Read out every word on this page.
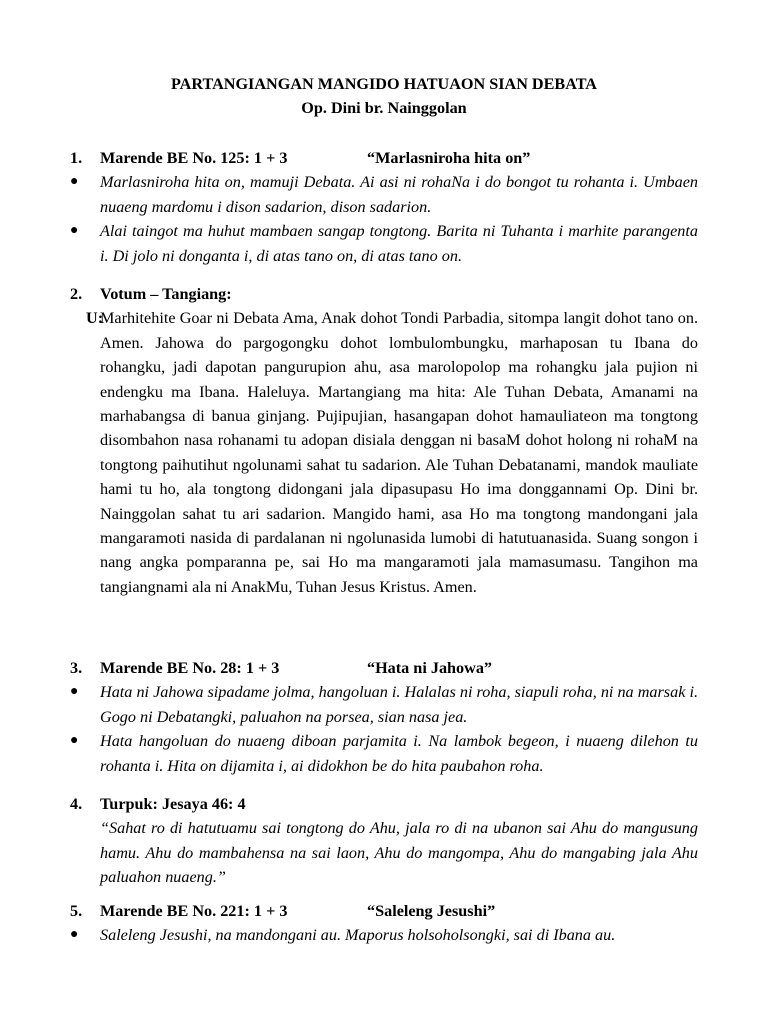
PARTANGIANGAN MANGIDO HATUAON SIAN DEBATA
Op. Dini br. Nainggolan
1. Marende BE No. 125: 1 + 3	“Marlasniroha hita on”
● Marlasniroha hita on, mamuji Debata. Ai asi ni rohaNa i do bongot tu rohanta i. Umbaen nuaeng mardomu i dison sadarion, dison sadarion.

● Alai taingot ma huhut mambaen sangap tongtong. Barita ni Tuhanta i marhite parangenta i. Di jolo ni donganta i, di atas tano on, di atas tano on.

2. Votum – Tangiang:
U:

Marhitehite Goar ni Debata Ama, Anak dohot Tondi Parbadia, sitompa langit dohot tano on. Amen. Jahowa do pargogongku dohot lombulombungku, marhaposan tu Ibana do rohangku, jadi dapotan pangurupion ahu, asa marolopolop ma rohangku jala pujion ni endengku ma Ibana. Haleluya. Martangiang ma hita: Ale Tuhan Debata, Amanami na marhabangsa di banua ginjang. Pujipujian, hasangapan dohot hamauliateon ma tongtong disombahon nasa rohanami tu adopan disiala denggan ni basaM dohot holong ni rohaM na tongtong paihutihut ngolunami sahat tu sadarion. Ale Tuhan Debatanami, mandok mauliate hami tu ho, ala tongtong didongani jala dipasupasu Ho ima donggannami Op. Dini br. Nainggolan sahat tu ari sadarion. Mangido hami, asa Ho ma tongtong mandongani jala mangaramoti nasida di pardalanan ni ngolunasida lumobi di hatutuanasida. Suang songon i nang angka pomparanna pe, sai Ho ma mangaramoti jala mamasumasu. Tangihon ma tangiangnami ala ni AnakMu, Tuhan Jesus Kristus. Amen.

3. Marende BE No. 28: 1 + 3	“Hata ni Jahowa”
● Hata ni Jahowa sipadame jolma, hangoluan i. Halalas ni roha, siapuli roha, ni na marsak i. Gogo ni Debatangki, paluahon na porsea, sian nasa jea.

● Hata hangoluan do nuaeng diboan parjamita i. Na lambok begeon, i nuaeng dilehon tu rohanta i. Hita on dijamita i, ai didokhon be do hita paubahon roha.

4. Turpuk: Jesaya 46: 4

“Sahat ro di hatutuamu sai tongtong do Ahu, jala ro di na ubanon sai Ahu do mangusung hamu. Ahu do mambahensa na sai laon, Ahu do mangompa, Ahu do mangabing jala Ahu paluahon nuaeng.”

5. Marende BE No. 221: 1 + 3	“Saleleng Jesushi”
● Saleleng Jesushi, na mandongani au. Maporus holsoholsongki, sai di Ibana au.
